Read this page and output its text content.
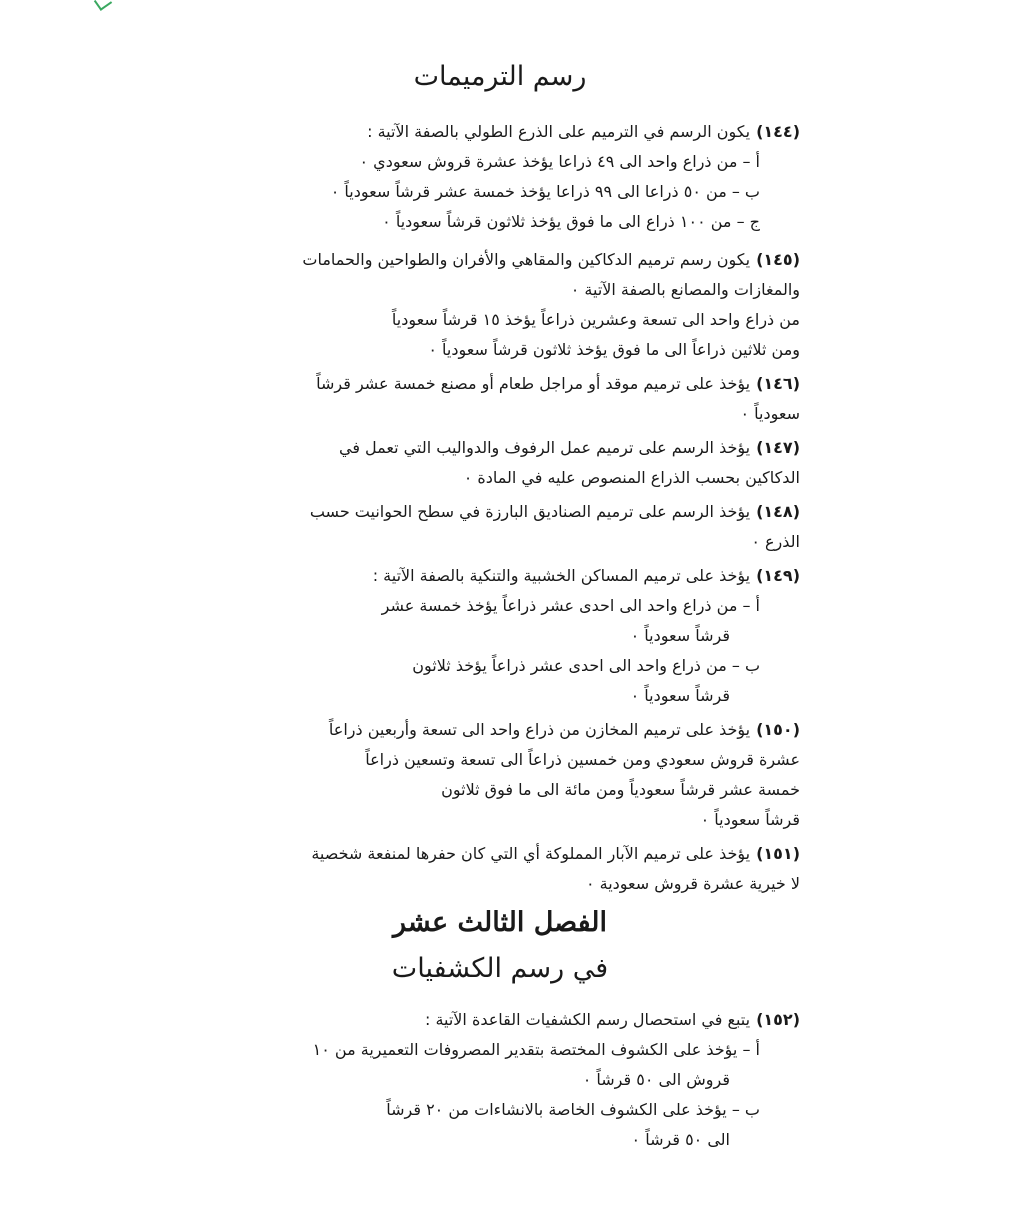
رسم الترميمات
(١٤٤)يكون الرسم في الترميم على الذرع الطولي بالصفة الآتية :
أ – من ذراع واحد الى ٤٩ ذراعا يؤخذ عشرة قروش سعودي ٠
ب – من ٥٠ ذراعا الى ٩٩ ذراعا يؤخذ خمسة عشر قرشاً سعودياً ٠
ج – من ١٠٠ ذراع الى ما فوق يؤخذ ثلاثون قرشاً سعودياً ٠
(١٤٥)يكون رسم ترميم الدكاكين والمقاهي والأفران والطواحين والحمامات
والمغازات والمصانع بالصفة الآتية ٠
من ذراع واحد الى تسعة وعشرين ذراعاً يؤخذ ١٥ قرشاً سعودياً
ومن ثلاثين ذراعاً الى ما فوق يؤخذ ثلاثون قرشاً سعودياً ٠
(١٤٦)يؤخذ على ترميم موقد أو مراجل طعام أو مصنع خمسة عشر قرشاً
سعودياً ٠
(١٤٧)يؤخذ الرسم على ترميم عمل الرفوف والدواليب التي تعمل في
الدكاكين بحسب الذراع المنصوص عليه في المادة ٠
(١٤٨)يؤخذ الرسم على ترميم الصناديق البارزة في سطح الحوانيت حسب
الذرع ٠
(١٤٩)يؤخذ على ترميم المساكن الخشبية والتنكية بالصفة الآتية :
أ – من ذراع واحد الى احدى عشر ذراعاً يؤخذ خمسة عشر
قرشاً سعودياً ٠
ب – من ذراع واحد الى احدى عشر ذراعاً يؤخذ ثلاثون
قرشاً سعودياً ٠
(١٥٠)يؤخذ على ترميم المخازن من ذراع واحد الى تسعة وأربعين ذراعاً
عشرة قروش سعودي ومن خمسين ذراعاً الى تسعة وتسعين ذراعاً
خمسة عشر قرشاً سعودياً ومن مائة الى ما فوق ثلاثون
قرشاً سعودياً ٠
(١٥١)يؤخذ على ترميم الآبار المملوكة أي التي كان حفرها لمنفعة شخصية
لا خيرية عشرة قروش سعودية ٠
الفصل الثالث عشر
في رسم الكشفيات
(١٥٢)يتبع في استحصال رسم الكشفيات القاعدة الآتية :
أ – يؤخذ على الكشوف المختصة بتقدير المصروفات التعميرية من ١٠
قروش الى ٥٠ قرشاً ٠
ب – يؤخذ على الكشوف الخاصة بالانشاءات من ٢٠ قرشاً
الى ٥٠ قرشاً ٠
